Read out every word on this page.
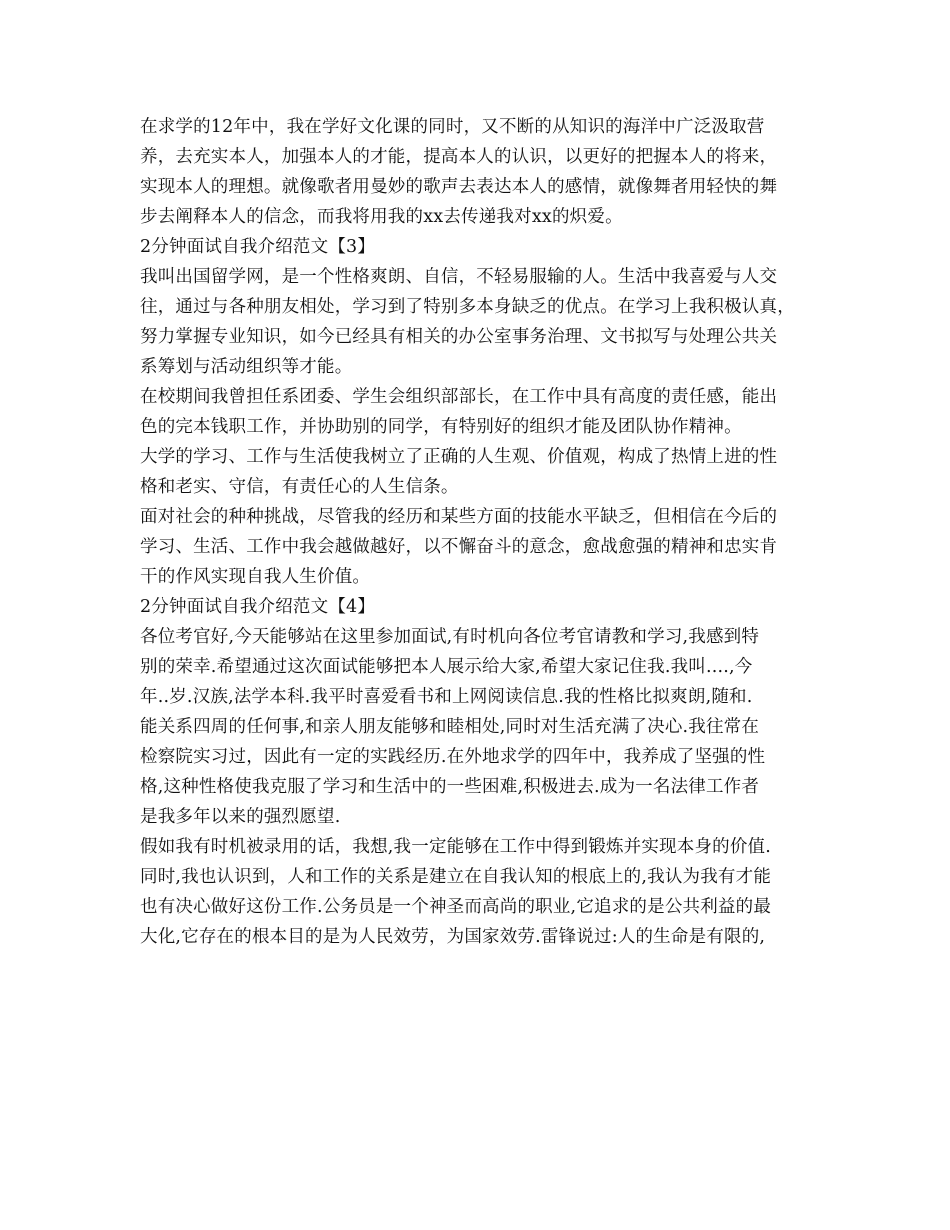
在求学的12年中，我在学好文化课的同时，又不断的从知识的海洋中广泛汲取营
养，去充实本人，加强本人的才能，提高本人的认识，以更好的把握本人的将来，
实现本人的理想。就像歌者用曼妙的歌声去表达本人的感情，就像舞者用轻快的舞
步去阐释本人的信念，而我将用我的xx去传递我对xx的炽爱。
2分钟面试自我介绍范文【3】
我叫出国留学网，是一个性格爽朗、自信，不轻易服输的人。生活中我喜爱与人交
往，通过与各种朋友相处，学习到了特别多本身缺乏的优点。在学习上我积极认真，
努力掌握专业知识，如今已经具有相关的办公室事务治理、文书拟写与处理公共关
系筹划与活动组织等才能。
在校期间我曾担任系团委、学生会组织部部长，在工作中具有高度的责任感，能出
色的完本钱职工作，并协助别的同学，有特别好的组织才能及团队协作精神。
大学的学习、工作与生活使我树立了正确的人生观、价值观，构成了热情上进的性
格和老实、守信，有责任心的人生信条。
面对社会的种种挑战，尽管我的经历和某些方面的技能水平缺乏，但相信在今后的
学习、生活、工作中我会越做越好，以不懈奋斗的意念，愈战愈强的精神和忠实肯
干的作风实现自我人生价值。
2分钟面试自我介绍范文【4】
各位考官好,今天能够站在这里参加面试,有时机向各位考官请教和学习,我感到特
别的荣幸.希望通过这次面试能够把本人展示给大家,希望大家记住我.我叫....,今
年..岁.汉族,法学本科.我平时喜爱看书和上网阅读信息.我的性格比拟爽朗,随和.
能关系四周的任何事,和亲人朋友能够和睦相处,同时对生活充满了决心.我往常在
检察院实习过，因此有一定的实践经历.在外地求学的四年中，我养成了坚强的性
格,这种性格使我克服了学习和生活中的一些困难,积极进去.成为一名法律工作者
是我多年以来的强烈愿望.
假如我有时机被录用的话，我想,我一定能够在工作中得到锻炼并实现本身的价值.
同时,我也认识到，人和工作的关系是建立在自我认知的根底上的,我认为我有才能
也有决心做好这份工作.公务员是一个神圣而高尚的职业,它追求的是公共利益的最
大化,它存在的根本目的是为人民效劳，为国家效劳.雷锋说过:人的生命是有限的,
